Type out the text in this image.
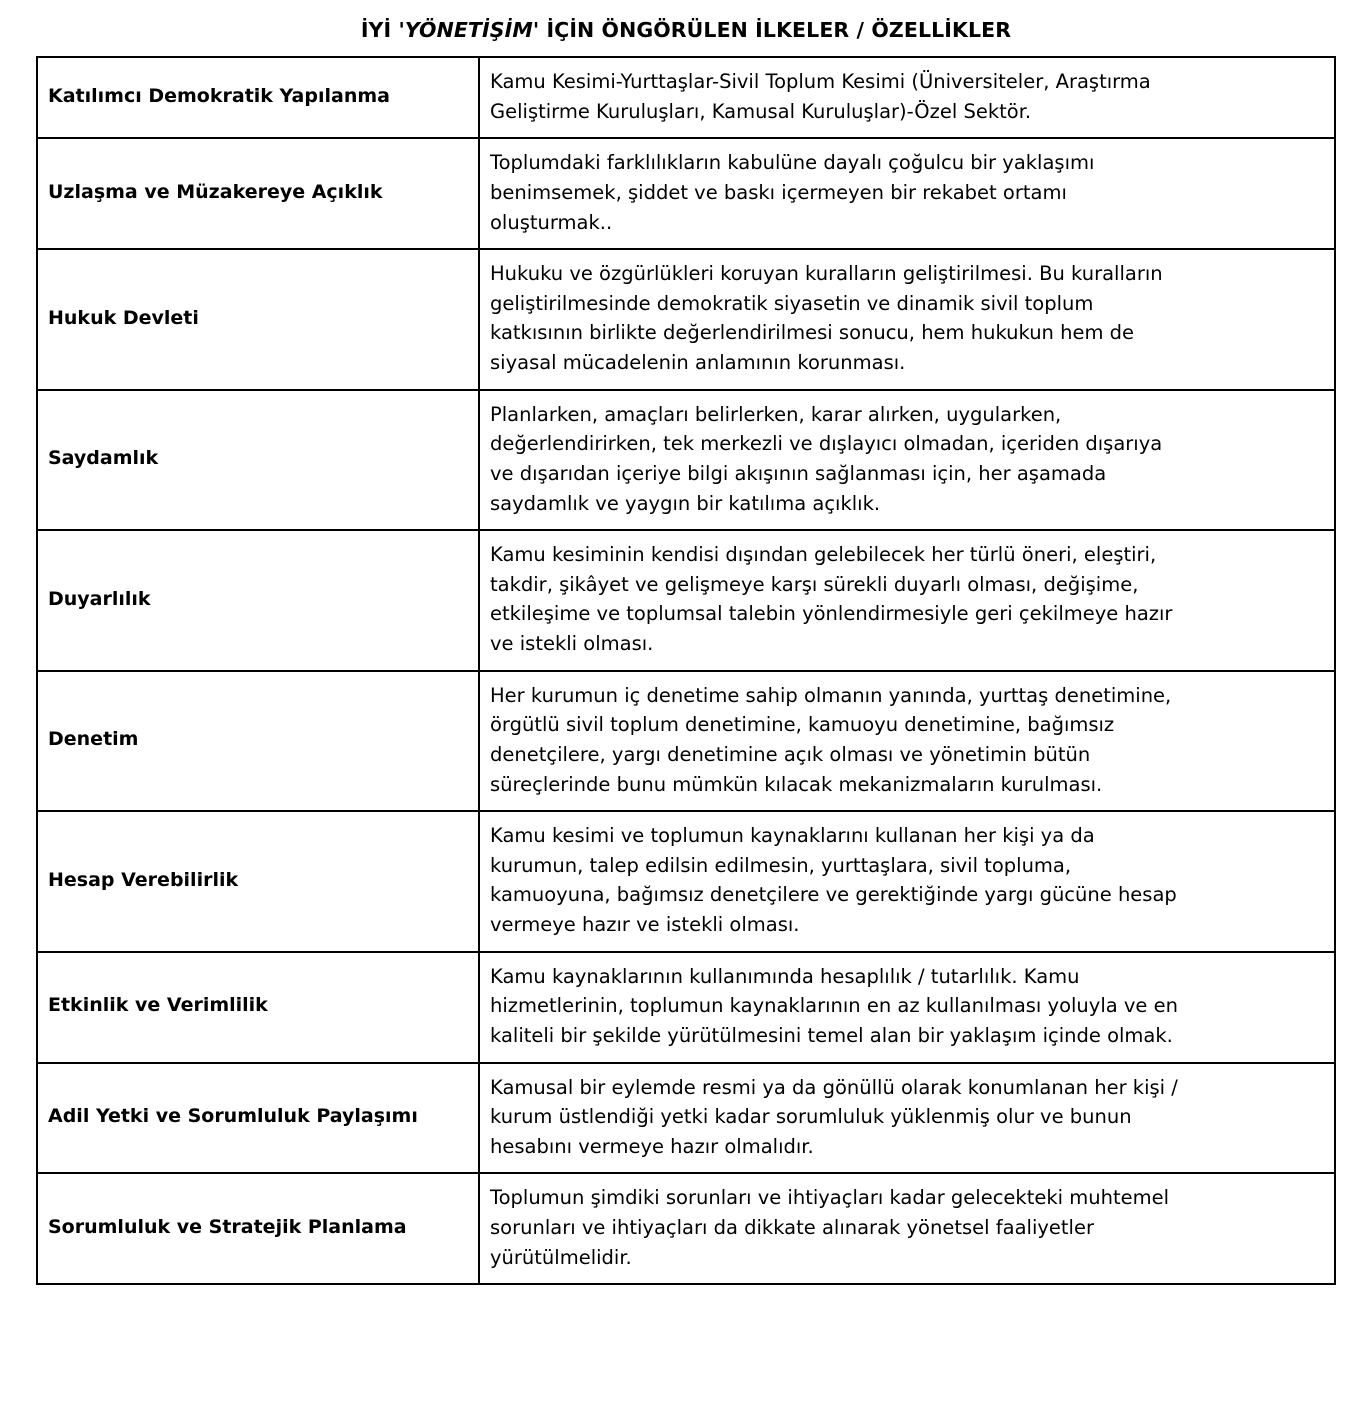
İYİ 'YÖNETİŞİM' İÇİN ÖNGÖRÜLEN İLKELER / ÖZELLİKLER
Katılımcı Demokratik Yapılanma	Kamu Kesimi-Yurttaşlar-Sivil Toplum Kesimi (Üniversiteler, Araştırma
Geliştirme Kuruluşları, Kamusal Kuruluşlar)-Özel Sektör.

Uzlaşma ve Müzakereye Açıklık	Toplumdaki farklılıkların kabulüne dayalı çoğulcu bir yaklaşımı
benimsemek, şiddet ve baskı içermeyen bir rekabet ortamı
oluşturmak..

Hukuk Devleti	Hukuku ve özgürlükleri koruyan kuralların geliştirilmesi. Bu kuralların
geliştirilmesinde demokratik siyasetin ve dinamik sivil toplum
katkısının birlikte değerlendirilmesi sonucu, hem hukukun hem de
siyasal mücadelenin anlamının korunması.

Saydamlık	Planlarken, amaçları belirlerken, karar alırken, uygularken,
değerlendirirken, tek merkezli ve dışlayıcı olmadan, içeriden dışarıya
ve dışarıdan içeriye bilgi akışının sağlanması için, her aşamada
saydamlık ve yaygın bir katılıma açıklık.

Duyarlılık	Kamu kesiminin kendisi dışından gelebilecek her türlü öneri, eleştiri,
takdir, şikâyet ve gelişmeye karşı sürekli duyarlı olması, değişime,
etkileşime ve toplumsal talebin yönlendirmesiyle geri çekilmeye hazır
ve istekli olması.

Denetim	Her kurumun iç denetime sahip olmanın yanında, yurttaş denetimine,
örgütlü sivil toplum denetimine, kamuoyu denetimine, bağımsız
denetçilere, yargı denetimine açık olması ve yönetimin bütün
süreçlerinde bunu mümkün kılacak mekanizmaların kurulması.

Hesap Verebilirlik	Kamu kesimi ve toplumun kaynaklarını kullanan her kişi ya da
kurumun, talep edilsin edilmesin, yurttaşlara, sivil topluma,
kamuoyuna, bağımsız denetçilere ve gerektiğinde yargı gücüne hesap
vermeye hazır ve istekli olması.

Etkinlik ve Verimlilik	Kamu kaynaklarının kullanımında hesaplılık / tutarlılık. Kamu
hizmetlerinin, toplumun kaynaklarının en az kullanılması yoluyla ve en
kaliteli bir şekilde yürütülmesini temel alan bir yaklaşım içinde olmak.

Adil Yetki ve Sorumluluk Paylaşımı	Kamusal bir eylemde resmi ya da gönüllü olarak konumlanan her kişi /
kurum üstlendiği yetki kadar sorumluluk yüklenmiş olur ve bunun
hesabını vermeye hazır olmalıdır.

Sorumluluk ve Stratejik Planlama	Toplumun şimdiki sorunları ve ihtiyaçları kadar gelecekteki muhtemel
sorunları ve ihtiyaçları da dikkate alınarak yönetsel faaliyetler
yürütülmelidir.
